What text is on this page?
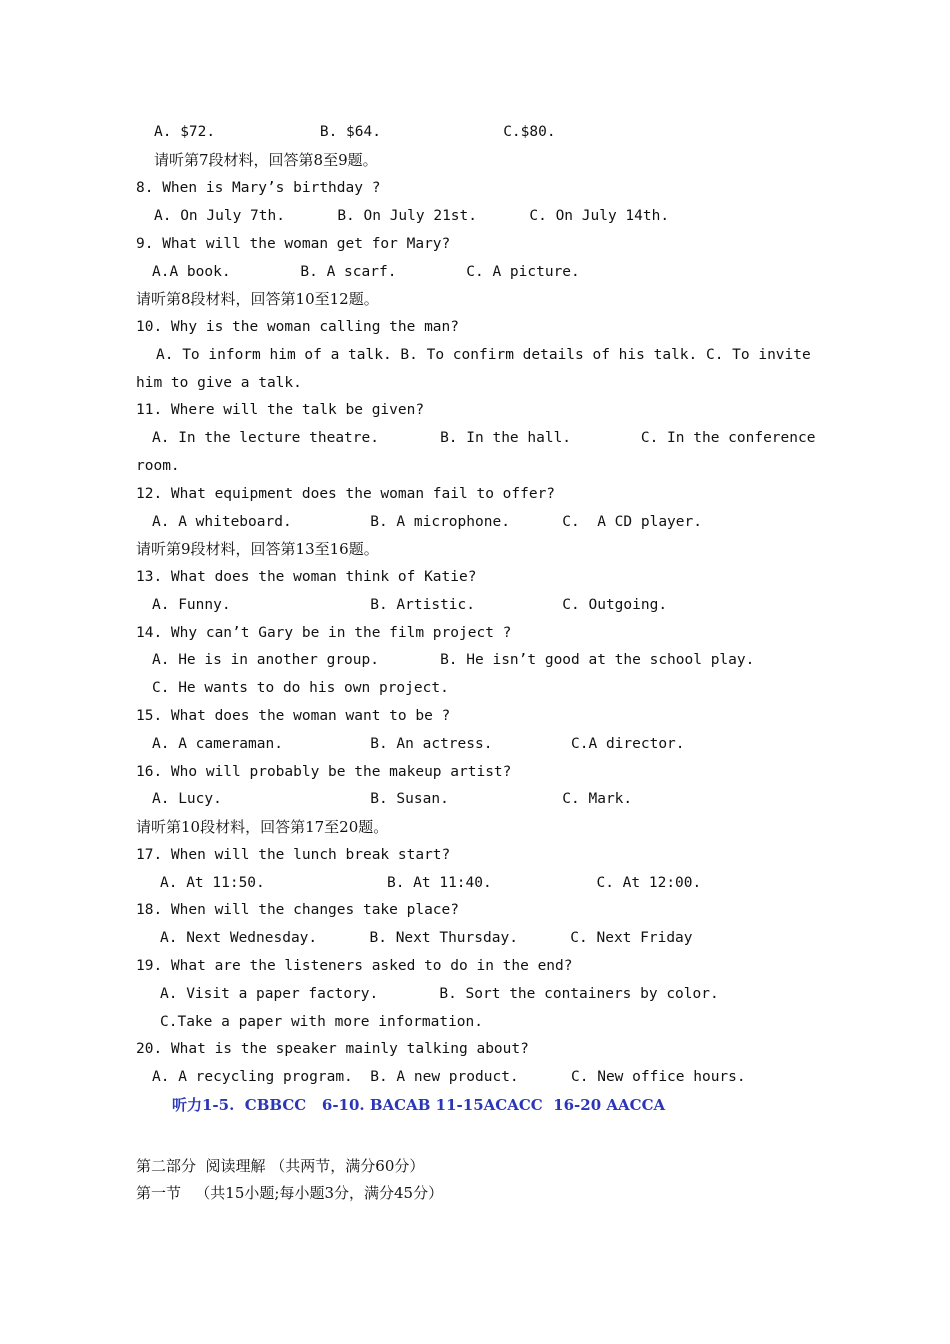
A. $72.            B. $64.              C.$80.
请听第7段材料，回答第8至9题。
8. When is Mary’s birthday ?
A. On July 7th.      B. On July 21st.      C. On July 14th.
9. What will the woman get for Mary?
A.A book.        B. A scarf.        C. A picture.
请听第8段材料，回答第10至12题。
10. Why is the woman calling the man?
A. To inform him of a talk. B. To confirm details of his talk. C. To invite
him to give a talk.
11. Where will the talk be given?
A. In the lecture theatre.       B. In the hall.        C. In the conference
room.
12. What equipment does the woman fail to offer?
A. A whiteboard.         B. A microphone.      C.  A CD player.
请听第9段材料，回答第13至16题。
13. What does the woman think of Katie?
A. Funny.                B. Artistic.          C. Outgoing.
14. Why can’t Gary be in the film project ?
A. He is in another group.       B. He isn’t good at the school play.
C. He wants to do his own project.
15. What does the woman want to be ?
A. A cameraman.          B. An actress.         C.A director.
16. Who will probably be the makeup artist?
A. Lucy.                 B. Susan.             C. Mark.
请听第10段材料，回答第17至20题。
17. When will the lunch break start?
A. At 11:50.              B. At 11:40.            C. At 12:00.
18. When will the changes take place?
A. Next Wednesday.      B. Next Thursday.      C. Next Friday
19. What are the listeners asked to do in the end?
A. Visit a paper factory.       B. Sort the containers by color.
C.Take a paper with more information.
20. What is the speaker mainly talking about?
A. A recycling program.  B. A new product.      C. New office hours.
听力1-5.  CBBCC   6-10. BACAB 11-15ACACC  16-20 AACCA
第二部分  阅读理解 （共两节，满分60分）
第一节   （共15小题;每小题3分，满分45分）
